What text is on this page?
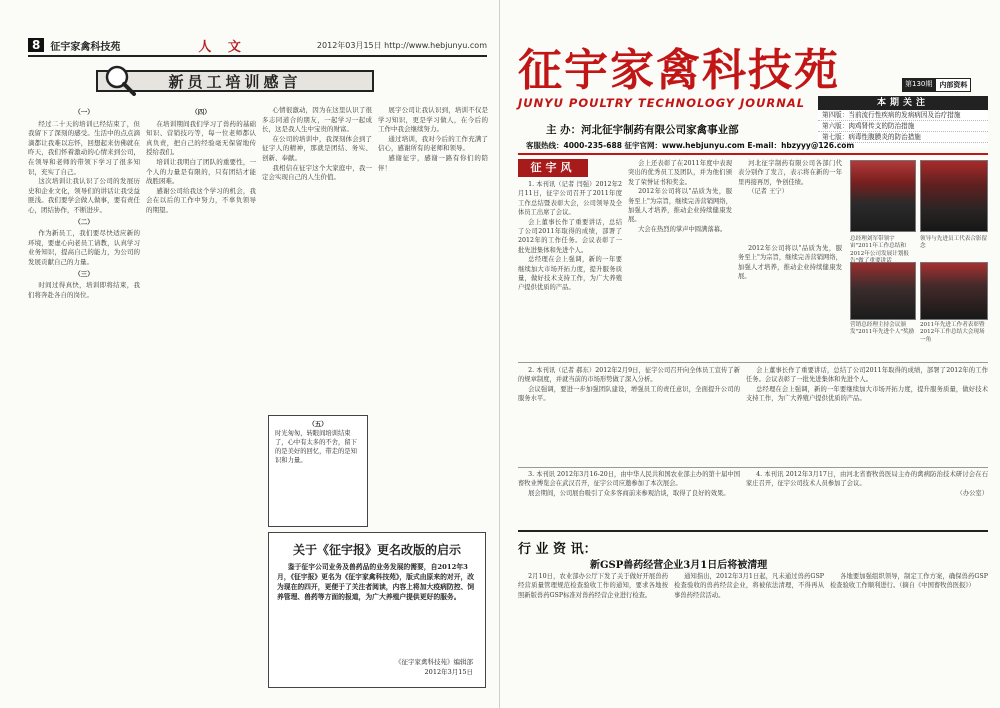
8	征宇家禽科技苑	人 文	2012年03月15日 http://www.hebjunyu.com
新员工培训感言
（一）

经过二十天的培训已经结束了，但我留下了深刻的感受。生活中的点点滴滴都让我难以忘怀，回想起来仿佛就在昨天，我们怀着激动的心情来到公司，在领导和老师的带领下学习了很多知识，充实了自己。

这次培训让我认识了公司的发展历史和企业文化，领导们的讲话让我受益匪浅。我们要学会做人做事，要有责任心，团结协作，不断进步。

（二）

作为新员工，我们要尽快适应新的环境，要虚心向老员工请教，认真学习业务知识，提高自己的能力，为公司的发展贡献自己的力量。

（三）

时间过得真快，培训即将结束，我们将奔赴各自的岗位。

（四）

在培训期间我们学习了兽药的基础知识、营销技巧等，每一位老师都认真负责，把自己的经验毫无保留地传授给我们。

培训让我明白了团队的重要性，一个人的力量是有限的，只有团结才能战胜困难。

感谢公司给我这个学习的机会，我会在以后的工作中努力，不辜负领导的期望。

心情很激动，因为在这里认识了很多志同道合的朋友，一起学习一起成长，这是我人生中宝贵的财富。

在公司的培训中，我深刻体会到了征宇人的精神，那就是团结、务实、创新、奉献。

我相信在征宇这个大家庭中，我一定会实现自己的人生价值。

展宇公司让我认识到，培训不仅是学习知识，更是学习做人，在今后的工作中我会继续努力。

通过培训，我对今后的工作充满了信心，感谢所有的老师和领导。

感谢征宇，感谢一路有你们的陪伴！

（五）
时光匆匆，转眼间培训结束了，心中有太多的不舍，留下的是美好的回忆，带走的是知识和力量。
关于《征宇报》更名改版的启示
鉴于征宇公司业务及兽药品的业务发展的需要，自2012年3月，《征宇报》更名为《征宇家禽科技苑》，版式由原来的对开，改为现在的四开，更便于了关注者阅读，内容上将加大疫病防控、饲养管理、兽药等方面的报道，为广大养殖户提供更好的服务。
《征宇家禽科技苑》编辑部
2012年3月15日
征宇家禽科技苑
JUNYU POULTRY TECHNOLOGY JOURNAL
第130期	内部资料
本期关注
第四版：当前流行性疾病的发病病因及治疗措施
第六版：肉鸡肾传支的防治措施
第七版：病毒性腹膜炎的防治措施
主 办：河北征宇制药有限公司家禽事业部
客服热线：4000-235-688 征宇官网：www.hebjunyu.com E-mail：hbzyyy@126.com
征宇风

1. 本刊讯（记者 闫强）2012年2月11日，征宇公司召开了2011年度工作总结暨表彰大会，公司领导及全体员工出席了会议。

会上董事长作了重要讲话，总结了公司2011年取得的成绩，部署了2012年的工作任务。会议表彰了一批先进集体和先进个人。

总经理在会上强调，新的一年要继续加大市场开拓力度，提升服务质量，做好技术支持工作，为广大养殖户提供优质的产品。

会上还表彰了在2011年度中表现突出的优秀员工及团队，并为他们颁发了荣誉证书和奖金。

2012年公司将以"品质为先，服务至上"为宗旨，继续完善营销网络，加强人才培养，推动企业持续健康发展。

大会在热烈的掌声中圆满落幕。

河北征宇制药有限公司各部门代表分别作了发言，表示将在新的一年里再接再厉，争创佳绩。

（记者 王宁）

2012年公司将以"品质为先，服务至上"为宗旨，继续完善营销网络，加强人才培养，推动企业持续健康发展。

总经理刘军带领宇宙"2011年工作总结和2012年公司发展计划报告"做了重要讲话
领导与先进员工代表合影留念
营销总经理主持会议颁发"2011年先进个人"奖励
2011年先进工作者表彰暨2012年工作总结大会现场一角

2. 本刊讯（记者 郝东）2012年2月9日，征宇公司召开向全体员工宣传了新的规章制度，并就当前的市场形势做了深入分析。

会议强调，要进一步加强团队建设，增强员工的责任意识，全面提升公司的服务水平。

会上董事长作了重要讲话，总结了公司2011年取得的成绩，部署了2012年的工作任务。会议表彰了一批先进集体和先进个人。

总经理在会上强调，新的一年要继续加大市场开拓力度，提升服务质量，做好技术支持工作，为广大养殖户提供优质的产品。

3. 本刊讯 2012年3月16-20日，由中华人民共和国农业部主办的第十届中国畜牧业博览会在武汉召开，征宇公司应邀参加了本次展会。

展会期间，公司展台吸引了众多客商前来参观洽谈，取得了良好的效果。

4. 本刊讯 2012年3月17日，由河北省畜牧兽医局主办的禽病防治技术研讨会在石家庄召开，征宇公司技术人员参加了会议。

（办公室）

行 业 资 讯：
新GSP兽药经营企业3月1日后将被清理

2月10日，农业部办公厅下发了关于做好开展兽药经营质量管理规范检查验收工作的通知，要求各地按照新版兽药GSP标准对兽药经营企业进行检查。

通知指出，2012年3月1日起，凡未通过兽药GSP检查验收的兽药经营企业，将被依法清理，不得再从事兽药经营活动。

各地要加强组织领导，制定工作方案，确保兽药GSP检查验收工作顺利进行。（摘自《中国畜牧兽医报》）
